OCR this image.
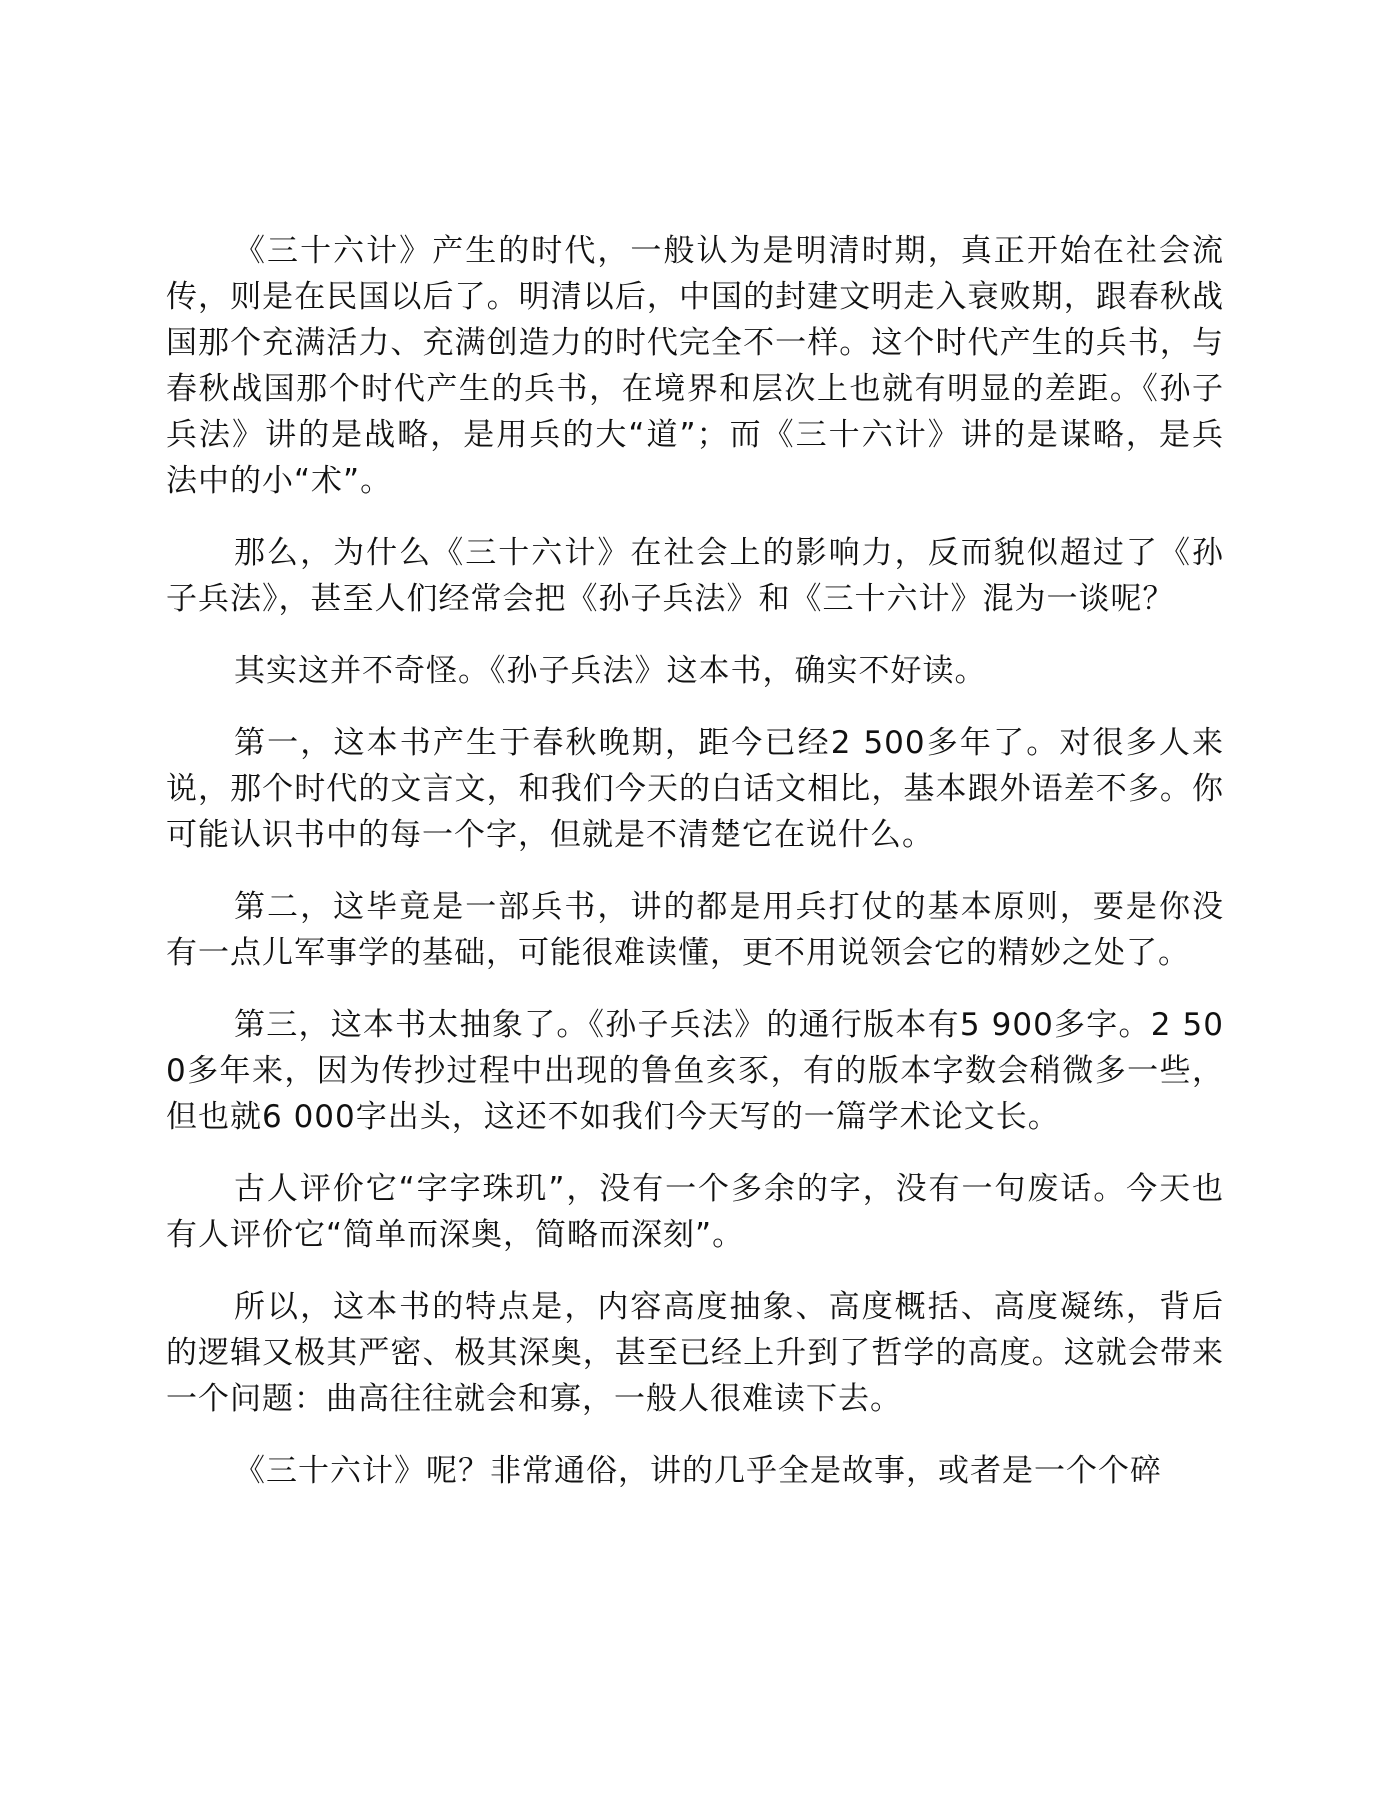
《三十六计》产生的时代，一般认为是明清时期，真正开始在社会流传，则是在民国以后了。明清以后，中国的封建文明走入衰败期，跟春秋战国那个充满活力、充满创造力的时代完全不一样。这个时代产生的兵书，与春秋战国那个时代产生的兵书，在境界和层次上也就有明显的差距。《孙子兵法》讲的是战略，是用兵的大“道”；而《三十六计》讲的是谋略，是兵法中的小“术”。

那么，为什么《三十六计》在社会上的影响力，反而貌似超过了《孙子兵法》，甚至人们经常会把《孙子兵法》和《三十六计》混为一谈呢？

其实这并不奇怪。《孙子兵法》这本书，确实不好读。

第一，这本书产生于春秋晚期，距今已经2 500多年了。对很多人来说，那个时代的文言文，和我们今天的白话文相比，基本跟外语差不多。你可能认识书中的每一个字，但就是不清楚它在说什么。

第二，这毕竟是一部兵书，讲的都是用兵打仗的基本原则，要是你没有一点儿军事学的基础，可能很难读懂，更不用说领会它的精妙之处了。

第三，这本书太抽象了。《孙子兵法》的通行版本有5 900多字。2 500多年来，因为传抄过程中出现的鲁鱼亥豕，有的版本字数会稍微多一些，但也就6 000字出头，这还不如我们今天写的一篇学术论文长。

古人评价它“字字珠玑”，没有一个多余的字，没有一句废话。今天也有人评价它“简单而深奥，简略而深刻”。

所以，这本书的特点是，内容高度抽象、高度概括、高度凝练，背后的逻辑又极其严密、极其深奥，甚至已经上升到了哲学的高度。这就会带来一个问题：曲高往往就会和寡，一般人很难读下去。

《三十六计》呢？非常通俗，讲的几乎全是故事，或者是一个个碎
